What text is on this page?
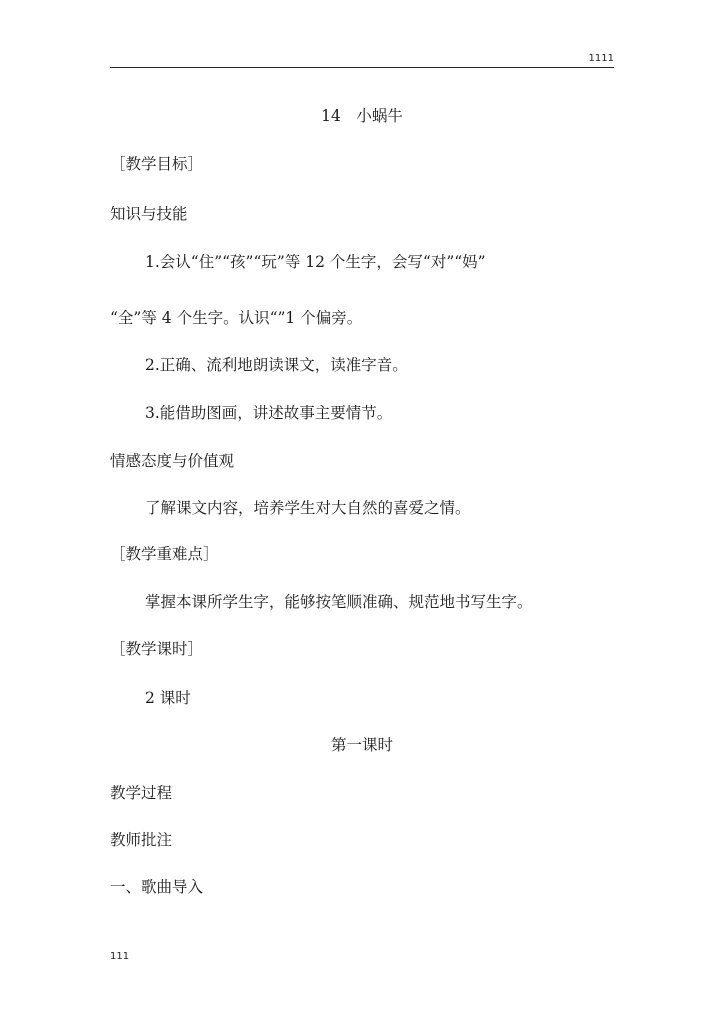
1111
14　小蜗牛
［教学目标］
知识与技能
1.会认“住”“孩”“玩”等 12 个生字，会写“对”“妈”
“全”等 4 个生字。认识“”1 个偏旁。
2.正确、流利地朗读课文，读准字音。
3.能借助图画，讲述故事主要情节。
情感态度与价值观
了解课文内容，培养学生对大自然的喜爱之情。
［教学重难点］
掌握本课所学生字，能够按笔顺准确、规范地书写生字。
［教学课时］
2 课时
第一课时
教学过程
教师批注
一、歌曲导入
111
